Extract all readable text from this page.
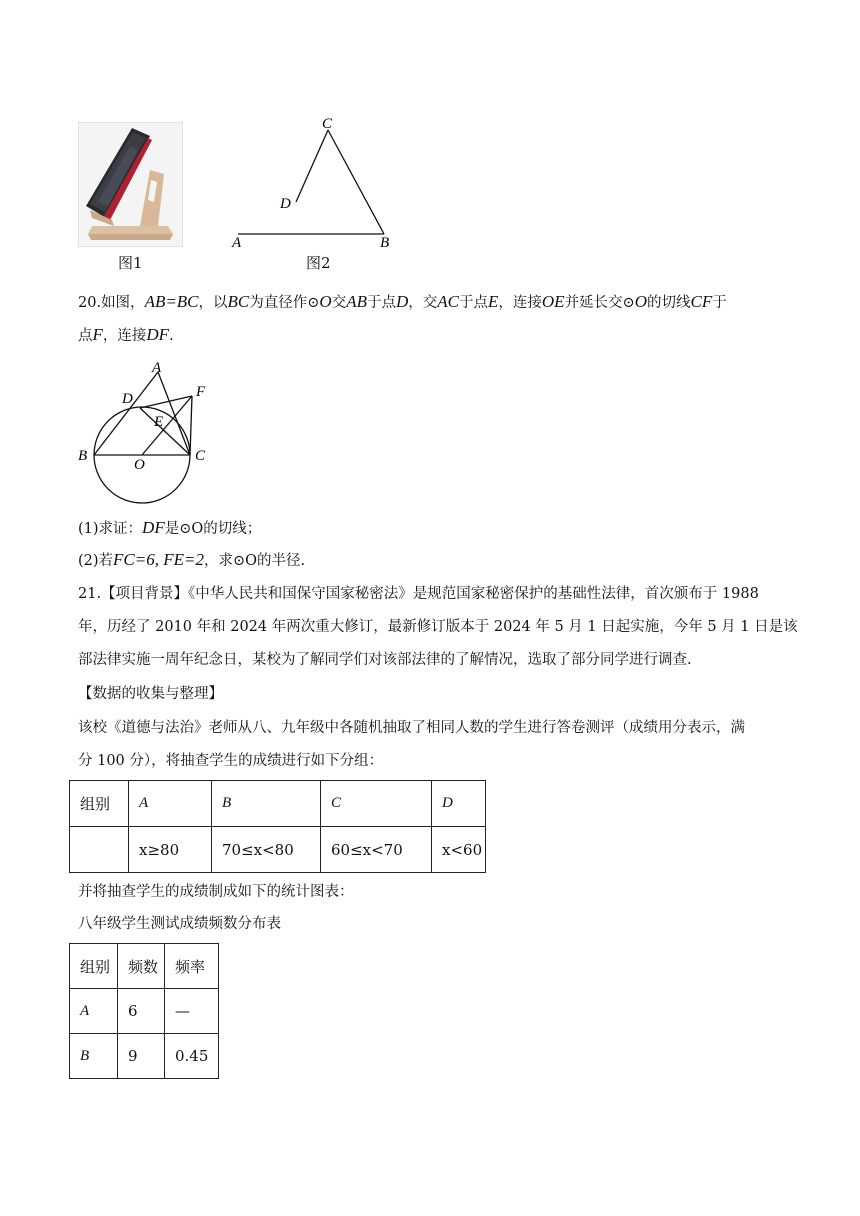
图1
A	B
C
D
图2
20.如图，AB=BC，以BC为直径作⊙O交AB于点D，交AC于点E，连接OE并延长交⊙O的切线CF于
点F，连接DF.
A
B	C
D
E
F
O
(1)求证：DF是⊙O的切线；
(2)若FC=6, FE=2，求⊙O的半径.
21.【项目背景】《中华人民共和国保守国家秘密法》是规范国家秘密保护的基础性法律，首次颁布于 1988
年，历经了 2010 年和 2024 年两次重大修订，最新修订版本于 2024 年 5 月 1 日起实施，今年 5 月 1 日是该
部法律实施一周年纪念日，某校为了解同学们对该部法律的了解情况，选取了部分同学进行调查.
【数据的收集与整理】
该校《道德与法治》老师从八、九年级中各随机抽取了相同人数的学生进行答卷测评（成绩用分表示，满
分 100 分），将抽查学生的成绩进行如下分组：
组别	A	B	C	D
	x≥80	70≤x<80	60≤x<70	x<60
并将抽查学生的成绩制成如下的统计图表：
八年级学生测试成绩频数分布表
组别	频数	频率
A	6	—
B	9	0.45
